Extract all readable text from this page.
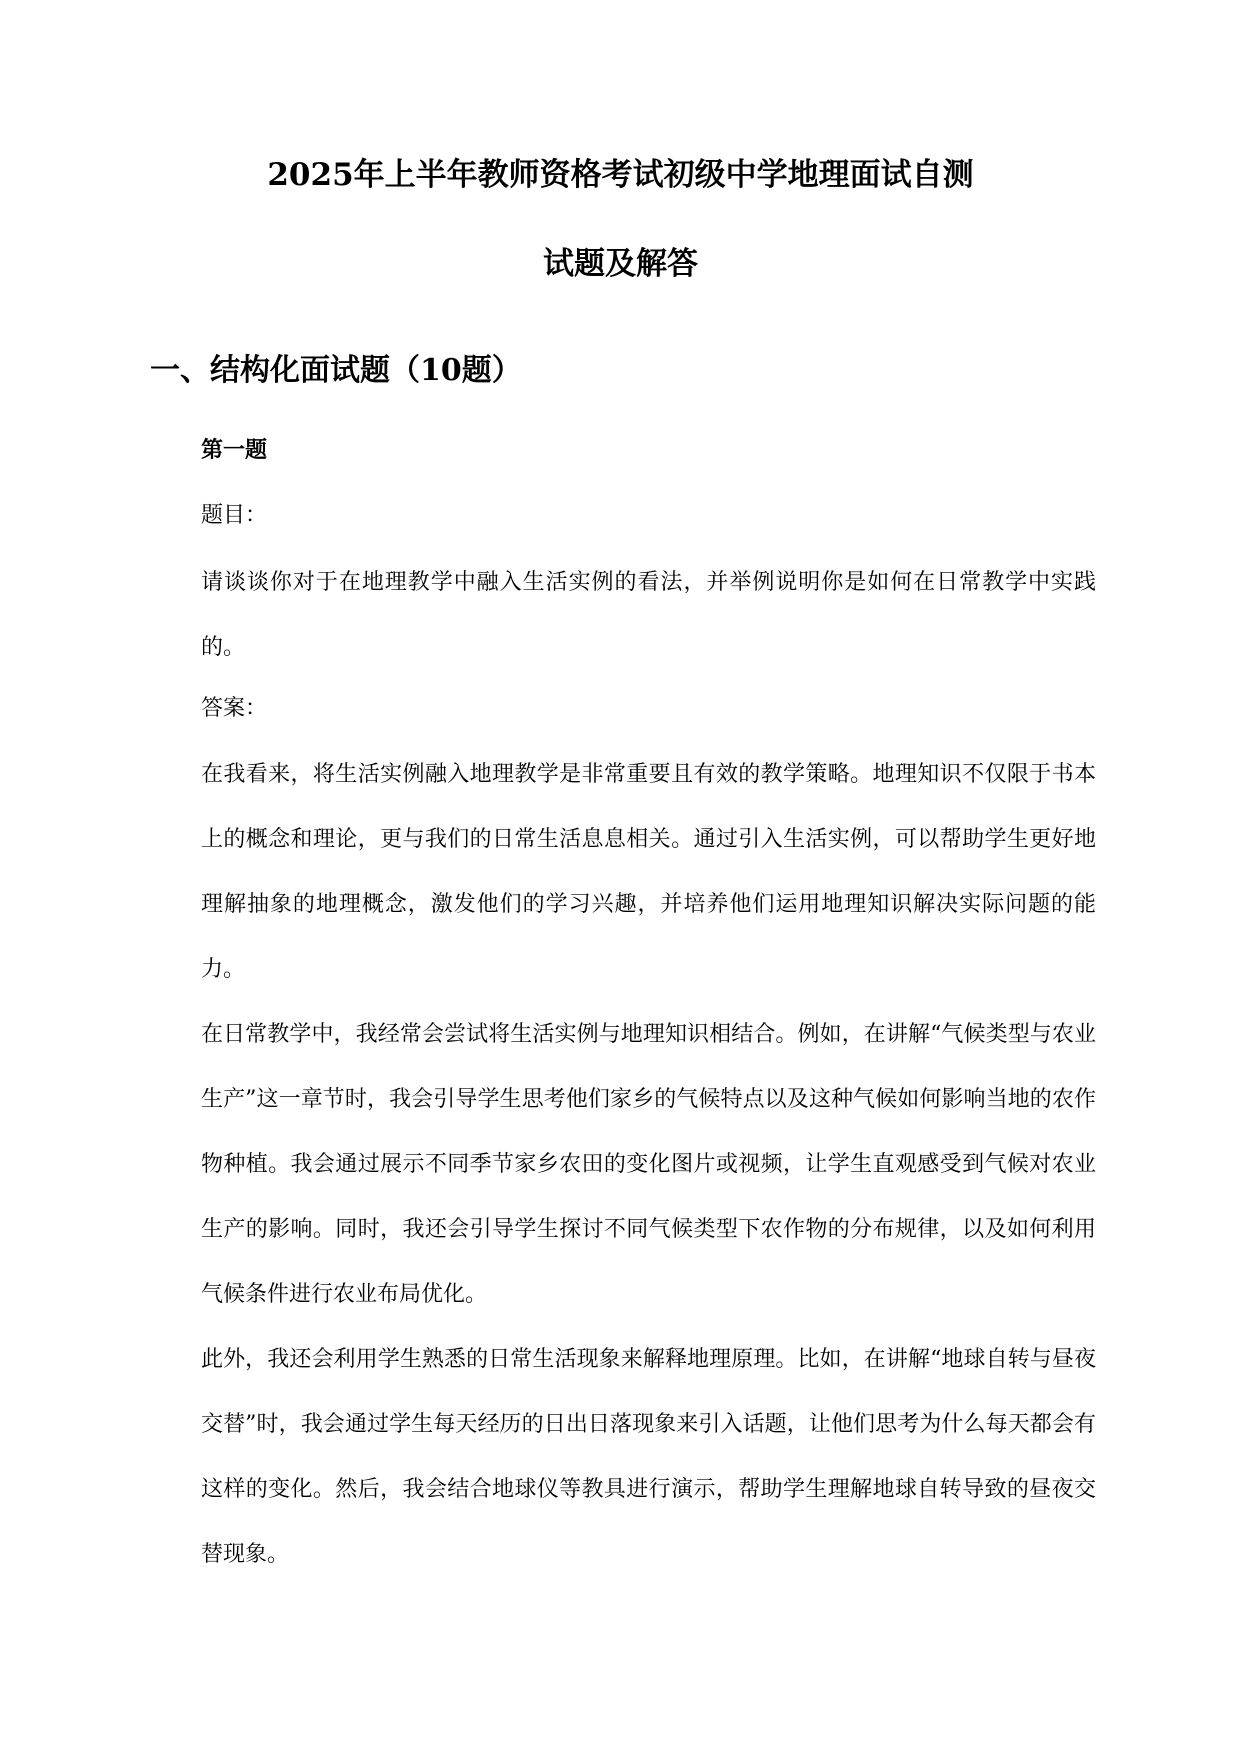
2025年上半年教师资格考试初级中学地理面试自测
试题及解答
一、结构化面试题（10题）
第一题
题目：
请谈谈你对于在地理教学中融入生活实例的看法，并举例说明你是如何在日常教学中实践的。
答案：
在我看来，将生活实例融入地理教学是非常重要且有效的教学策略。地理知识不仅限于书本上的概念和理论，更与我们的日常生活息息相关。通过引入生活实例，可以帮助学生更好地理解抽象的地理概念，激发他们的学习兴趣，并培养他们运用地理知识解决实际问题的能力。
在日常教学中，我经常会尝试将生活实例与地理知识相结合。例如，在讲解“气候类型与农业生产”这一章节时，我会引导学生思考他们家乡的气候特点以及这种气候如何影响当地的农作物种植。我会通过展示不同季节家乡农田的变化图片或视频，让学生直观感受到气候对农业生产的影响。同时，我还会引导学生探讨不同气候类型下农作物的分布规律，以及如何利用气候条件进行农业布局优化。
此外，我还会利用学生熟悉的日常生活现象来解释地理原理。比如，在讲解“地球自转与昼夜交替”时，我会通过学生每天经历的日出日落现象来引入话题，让他们思考为什么每天都会有这样的变化。然后，我会结合地球仪等教具进行演示，帮助学生理解地球自转导致的昼夜交替现象。
